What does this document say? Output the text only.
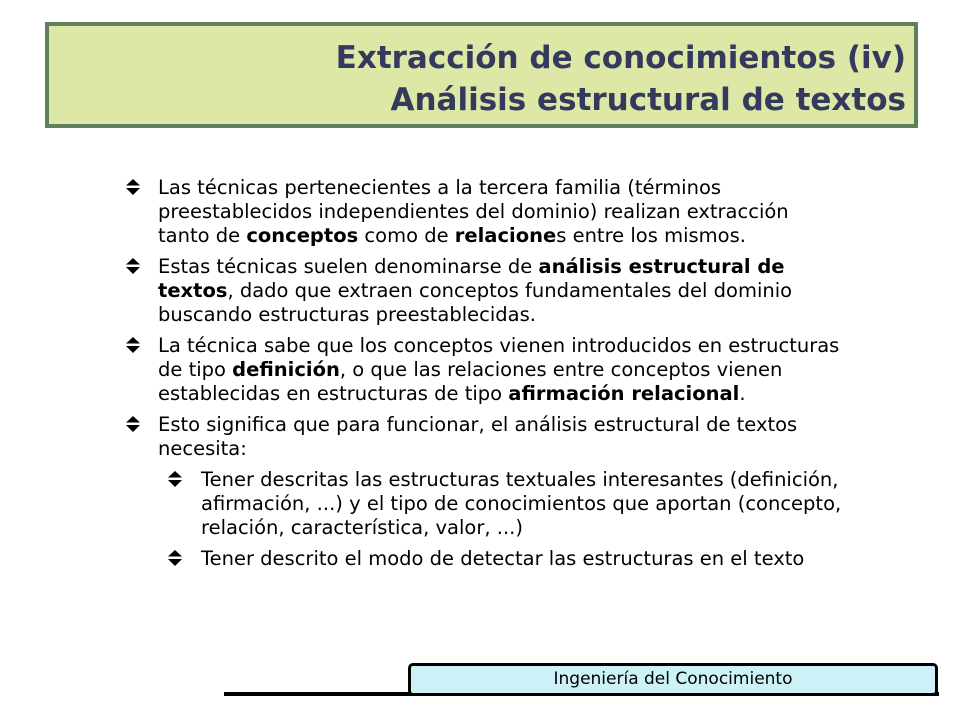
Extracción de conocimientos (iv)
Análisis estructural de textos
Las técnicas pertenecientes a la tercera familia (términos preestablecidos independientes del dominio) realizan extracción tanto de conceptos como de relaciones entre los mismos.
Estas técnicas suelen denominarse de análisis estructural de textos, dado que extraen conceptos fundamentales del dominio buscando estructuras preestablecidas.
La técnica sabe que los conceptos vienen introducidos en estructuras de tipo definición, o que las relaciones entre conceptos vienen establecidas en estructuras de tipo afirmación relacional.
Esto significa que para funcionar, el análisis estructural de textos necesita:
Tener descritas las estructuras textuales interesantes (definición, afirmación, ...) y el tipo de conocimientos que aportan (concepto, relación, característica, valor, ...)
Tener descrito el modo de detectar las estructuras en el texto
Ingeniería del Conocimiento
